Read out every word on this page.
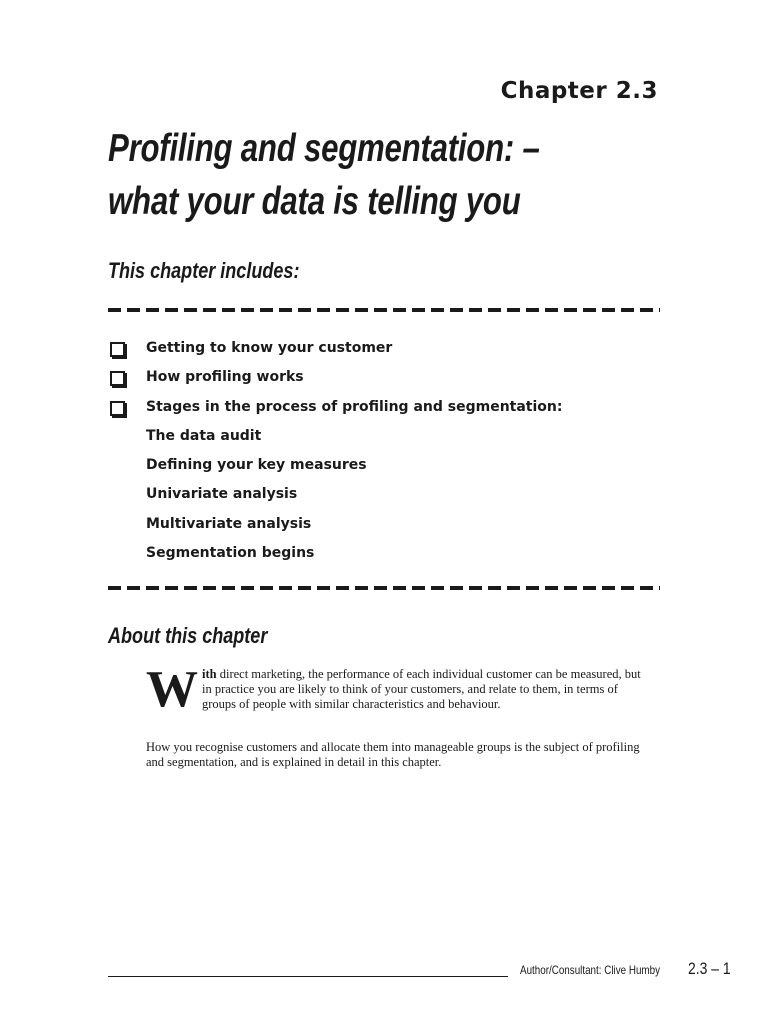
Chapter 2.3
Profiling and segmentation: –
what your data is telling you
This chapter includes:
Getting to know your customer
How profiling works
Stages in the process of profiling and segmentation:
The data audit
Defining your key measures
Univariate analysis
Multivariate analysis
Segmentation begins
About this chapter

With direct marketing, the performance of each individual customer can be measured, but in practice you are likely to think of your customers, and relate to them, in terms of groups of people with similar characteristics and behaviour.

How you recognise customers and allocate them into manageable groups is the subject of profiling and segmentation, and is explained in detail in this chapter.

Author/Consultant: Clive Humby 2.3 – 1
